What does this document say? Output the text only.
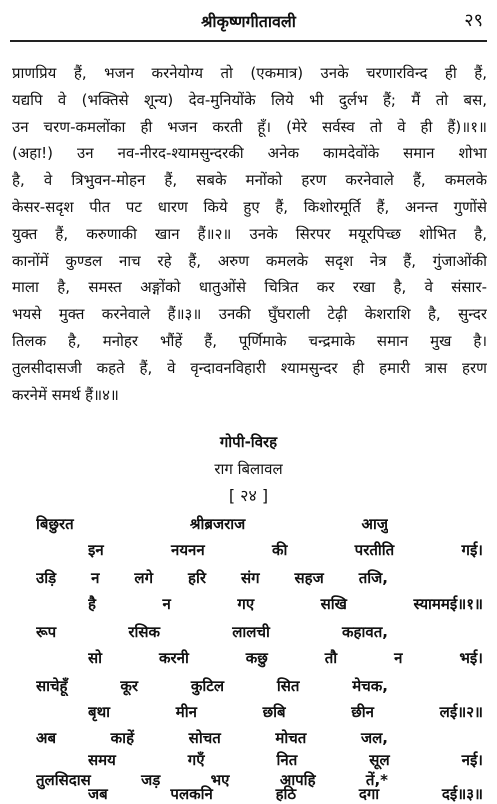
श्रीकृष्णगीतावली	२९
प्राणप्रिय हैं, भजन करनेयोग्य तो (एकमात्र) उनके चरणारविन्द ही हैं,
यद्यपि वे (भक्तिसे शून्य) देव-मुनियोंके लिये भी दुर्लभ हैं; मैं तो बस,
उन चरण-कमलोंका ही भजन करती हूँ। (मेरे सर्वस्व तो वे ही हैं)॥१॥
(अहा!) उन नव-नीरद-श्यामसुन्दरकी अनेक कामदेवोंके समान शोभा
है, वे त्रिभुवन-मोहन हैं, सबके मनोंको हरण करनेवाले हैं, कमलके
केसर-सदृश पीत पट धारण किये हुए हैं, किशोरमूर्ति हैं, अनन्त गुणोंसे
युक्त हैं, करुणाकी खान हैं॥२॥ उनके सिरपर मयूरपिच्छ शोभित है,
कानोंमें कुण्डल नाच रहे हैं, अरुण कमलके सदृश नेत्र हैं, गुंजाओंकी
माला है, समस्त अङ्गोंको धातुओंसे चित्रित कर रखा है, वे संसार-
भयसे मुक्त करनेवाले हैं॥३॥ उनकी घुँघराली टेढ़ी केशराशि है, सुन्दर
तिलक है, मनोहर भौंहें हैं, पूर्णिमाके चन्द्रमाके समान मुख है।
तुलसीदासजी कहते हैं, वे वृन्दावनविहारी श्यामसुन्दर ही हमारी त्रास हरण
करनेमें समर्थ हैं॥४॥
गोपी-विरह
राग बिलावल
[ २४ ]
बिछुरत श्रीब्रजराज आजु
इन नयनन की परतीति गई।
उड़ि न लगे हरि संग सहज तजि,
है न गए सखि स्याममई॥१॥
रूप रसिक लालची कहावत,
सो करनी कछु तौ न भई।
साचेहूँ कूर कुटिल सित मेचक,
बृथा मीन छबि छीन लई॥२॥
अब काहें सोचत मोचत जल,
समय गएँ नित सूल नई।
तुलसिदास जड़ भए आपहि तें,*
जब पलकनि हठि दगा दई॥३॥
